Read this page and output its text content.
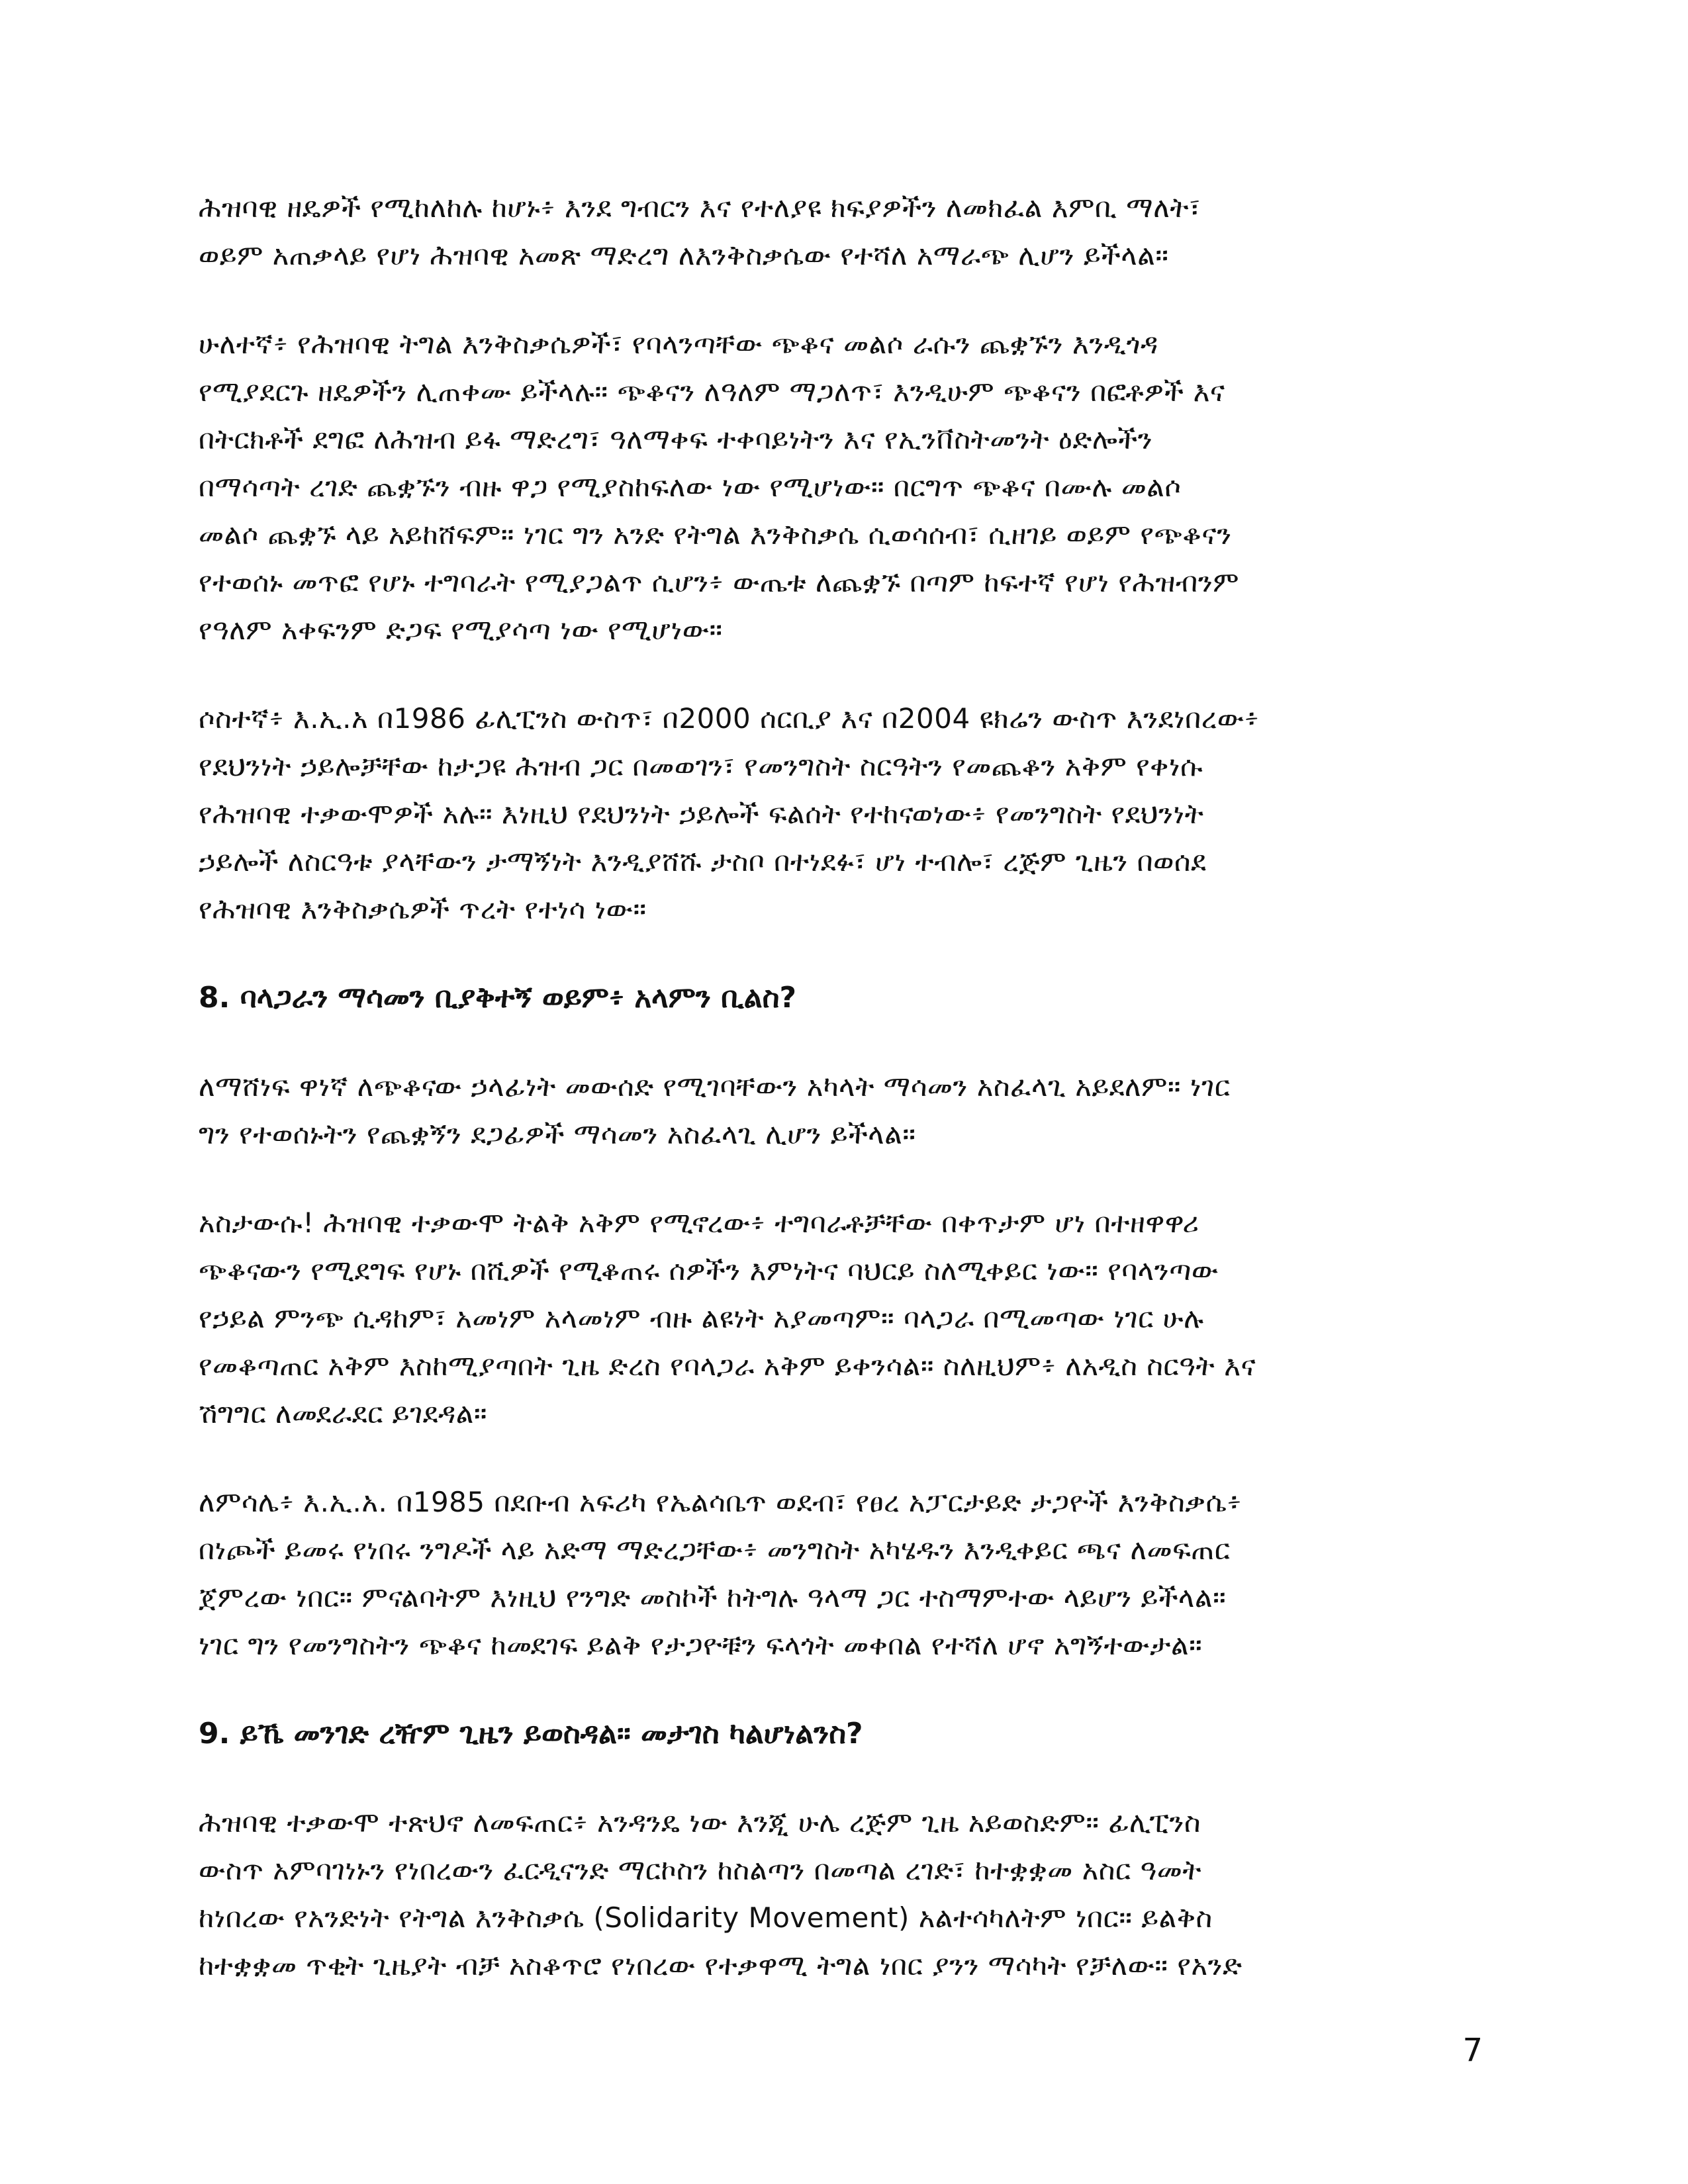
ሕዝባዊ ዘዴዎች የሚከለከሉ ከሆኑ፥ እንደ ግብርን እና የተለያዩ ክፍያዎችን ለመክፈል እምቢ ማለት፣
ወይም አጠቃላይ የሆነ ሕዝባዊ አመጽ ማድረግ ለእንቅስቃሴው የተሻለ አማራጭ ሊሆን ይችላል።
ሁለተኛ፥ የሕዝባዊ ትግል እንቅስቃሴዎች፣ የባላንጣቸው ጭቆና መልሶ ራሱን ጨቋኙን እንዲጎዳ
የሚያደርጉ ዘዴዎችን ሊጠቀሙ ይችላሉ። ጭቆናን ለዓለም ማጋለጥ፣ እንዲሁም ጭቆናን በፎቶዎች እና
በትርክቶች ደግፎ ለሕዝብ ይፋ ማድረግ፣ ዓለማቀፍ ተቀባይነትን እና የኢንቨስትመንት ዕድሎችን
በማሳጣት ረገድ ጨቋኙን ብዙ ዋጋ የሚያስከፍለው ነው የሚሆነው። በርግጥ ጭቆና በሙሉ መልሶ
መልሶ ጨቋኙ ላይ አይከሸፍም። ነገር ግን አንድ የትግል እንቅስቃሴ ሲወሳሰብ፣ ሲዘገይ ወይም የጭቆናን
የተወሰኑ መጥፎ የሆኑ ተግባራት የሚያጋልጥ ሲሆን፥ ውጤቱ ለጨቋኙ በጣም ከፍተኛ የሆነ የሕዝብንም
የዓለም አቀፍንም ድጋፍ የሚያሳጣ ነው የሚሆነው።
ሶስተኛ፥ እ.ኢ.አ በ1986 ፊሊፒንስ ውስጥ፣ በ2000 ሰርቢያ እና በ2004 ዩክሬን ውስጥ እንደነበረው፥
የደህንነት ኃይሎቻቸው ከታጋዩ ሕዝብ ጋር በመወገን፣ የመንግስት ስርዓትን የመጨቆን አቅም የቀነሱ
የሕዝባዊ ተቃውሞዎች አሉ። እነዚህ የደህንነት ኃይሎች ፍልሰት የተከናወነው፥ የመንግስት የደህንነት
ኃይሎች ለስርዓቱ ያላቸውን ታማኝነት እንዲያሸሹ ታስቦ በተነደፉ፣ ሆነ ተብሎ፣ ረጅም ጊዜን በወሰደ
የሕዝባዊ እንቅስቃሴዎች ጥረት የተነሳ ነው።
8. ባላጋራን ማሳመን ቢያቅተኝ ወይም፥ አላምን ቢልስ?
ለማሸነፍ ዋነኛ ለጭቆናው ኃላፊነት መውሰድ የሚገባቸውን አካላት ማሳመን አስፈላጊ አይደለም። ነገር
ግን የተወሰኑትን የጨቋኝን ደጋፊዎች ማሳመን አስፈላጊ ሊሆን ይችላል።
አስታውሱ! ሕዝባዊ ተቃውሞ ትልቅ አቅም የሚኖረው፥ ተግባራቶቻቸው በቀጥታም ሆነ በተዘዋዋሪ
ጭቆናውን የሚደግፍ የሆኑ በሺዎች የሚቆጠሩ ሰዎችን እምነትና ባህርይ ስለሚቀይር ነው። የባላንጣው
የኃይል ምንጭ ሲዳከም፣ አመነም አላመነም ብዙ ልዩነት አያመጣም። ባላጋራ በሚመጣው ነገር ሁሉ
የመቆጣጠር አቅም እስከሚያጣበት ጊዜ ድረስ የባላጋራ አቅም ይቀንሳል። ስለዚህም፥ ለአዲስ ስርዓት እና
ሽግግር ለመደራደር ይገደዳል።
ለምሳሌ፥ እ.ኢ.አ. በ1985 በደቡብ አፍሪካ የኤልሳቤጥ ወደብ፣ የፀረ አፓርታይድ ታጋዮች እንቅስቃሴ፥
በነጮች ይመሩ የነበሩ ንግዶች ላይ አድማ ማድረጋቸው፥ መንግስት አካሄዱን እንዲቀይር ጫና ለመፍጠር
ጀምረው ነበር። ምናልባትም እነዚህ የንግድ መስኮች ከትግሉ ዓላማ ጋር ተስማምተው ላይሆን ይችላል።
ነገር ግን የመንግስትን ጭቆና ከመደገፍ ይልቅ የታጋዮቹን ፍላጎት መቀበል የተሻለ ሆኖ አግኝተውታል።
9. ይኼ መንገድ ረዥም ጊዜን ይወስዳል። መታገስ ካልሆነልንስ?
ሕዝባዊ ተቃውሞ ተጽህኖ ለመፍጠር፥ አንዳንዴ ነው እንጂ ሁሌ ረጅም ጊዜ አይወስድም። ፊሊፒንስ
ውስጥ አምባገነኑን የነበረውን ፈርዲናንድ ማርኮስን ከስልጣን በመጣል ረገድ፣ ከተቋቋመ አስር ዓመት
ከነበረው የአንድነት የትግል እንቅስቃሴ (Solidarity Movement) አልተሳካለትም ነበር። ይልቅስ
ከተቋቋመ ጥቂት ጊዜያት ብቻ አስቆጥሮ የነበረው የተቃዋሚ ትግል ነበር ያንን ማሳካት የቻለው። የአንድ
7
